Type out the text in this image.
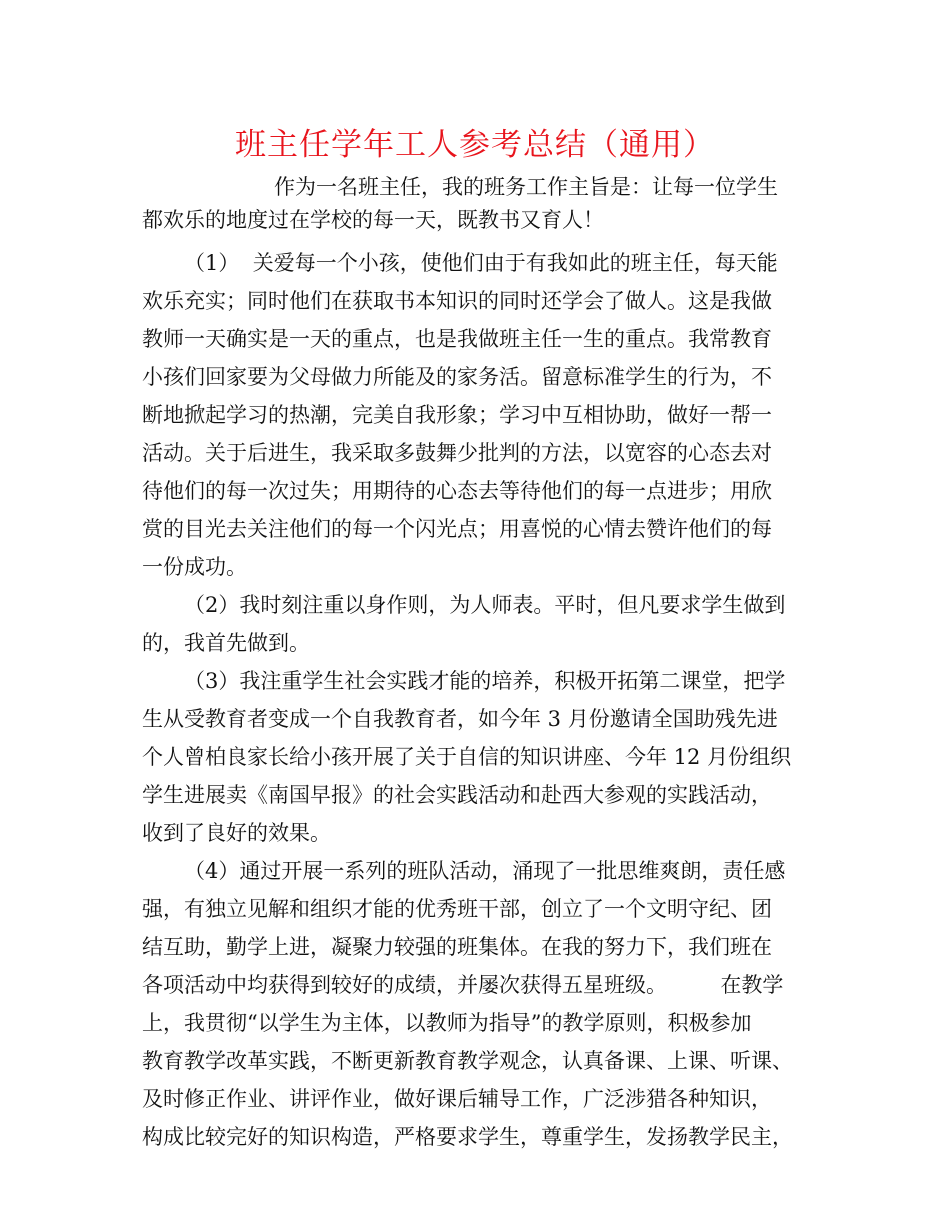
班主任学年工人参考总结（通用）

作为一名班主任，我的班务工作主旨是：让每一位学生

都欢乐的地度过在学校的每一天，既教书又育人！

（1）  关爱每一个小孩，使他们由于有我如此的班主任，每天能

欢乐充实；同时他们在获取书本知识的同时还学会了做人。这是我做

教师一天确实是一天的重点，也是我做班主任一生的重点。我常教育

小孩们回家要为父母做力所能及的家务活。留意标准学生的行为，不

断地掀起学习的热潮，完美自我形象；学习中互相协助，做好一帮一

活动。关于后进生，我采取多鼓舞少批判的方法，以宽容的心态去对

待他们的每一次过失；用期待的心态去等待他们的每一点进步；用欣

赏的目光去关注他们的每一个闪光点；用喜悦的心情去赞许他们的每

一份成功。

（2）我时刻注重以身作则，为人师表。平时，但凡要求学生做到

的，我首先做到。

（3）我注重学生社会实践才能的培养，积极开拓第二课堂，把学

生从受教育者变成一个自我教育者，如今年 3 月份邀请全国助残先进

个人曾柏良家长给小孩开展了关于自信的知识讲座、今年 12 月份组织

学生进展卖《南国早报》的社会实践活动和赴西大参观的实践活动，

收到了良好的效果。

（4）通过开展一系列的班队活动，涌现了一批思维爽朗，责任感

强，有独立见解和组织才能的优秀班干部，创立了一个文明守纪、团

结互助，勤学上进，凝聚力较强的班集体。在我的努力下，我们班在

各项活动中均获得到较好的成绩，并屡次获得五星班级。        在教学

上，我贯彻“以学生为主体，以教师为指导”的教学原则，积极参加

教育教学改革实践，不断更新教育教学观念，认真备课、上课、听课、

及时修正作业、讲评作业，做好课后辅导工作，广泛涉猎各种知识，

构成比较完好的知识构造，严格要求学生，尊重学生，发扬教学民主，
